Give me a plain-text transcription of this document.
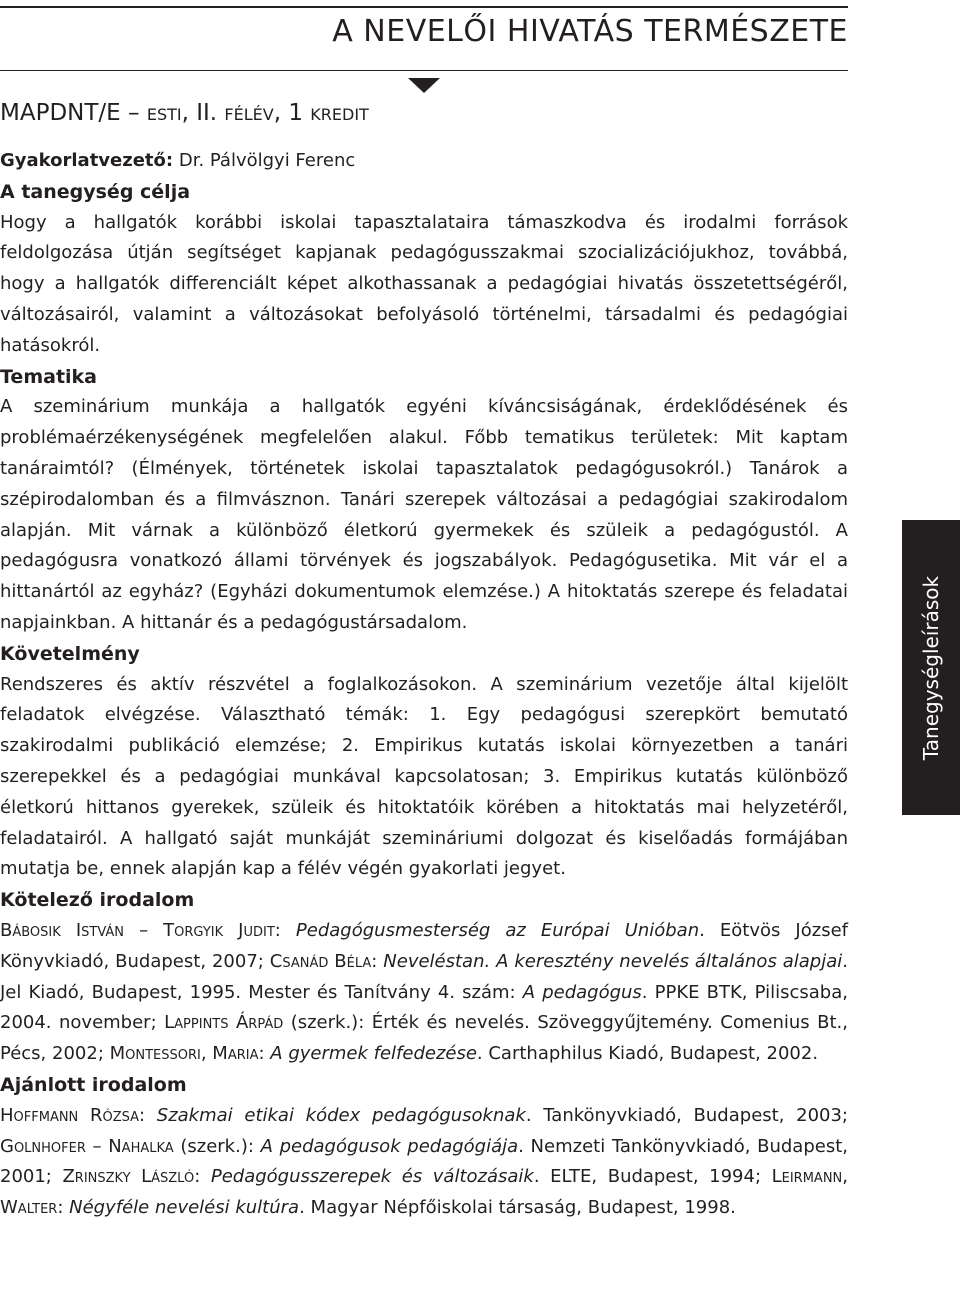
A NEVELŐI HIVATÁS TERMÉSZETE
MAPDNT/E – esti, II. félév, 1 kredit
Gyakorlatvezető: Dr. Pálvölgyi Ferenc
A tanegység célja

Hogy a hallgatók korábbi iskolai tapasztalataira támaszkodva és irodalmi források feldolgozása útján segítséget kapjanak pedagógusszakmai szocializációjukhoz, továbbá, hogy a hallgatók differenciált képet alkothassanak a pedagógiai hivatás összetettségéről, változásairól, valamint a változásokat befolyásoló történelmi, társadalmi és pedagógiai hatásokról.

Tematika

A szeminárium munkája a hallgatók egyéni kíváncsiságának, érdeklődésének és problémaérzékenységének megfelelően alakul. Főbb tematikus területek: Mit kaptam tanáraimtól? (Élmények, történetek iskolai tapasztalatok pedagógusokról.) Tanárok a szépirodalomban és a filmvásznon. Tanári szerepek változásai a pedagógiai szakirodalom alapján. Mit várnak a különböző életkorú gyermekek és szüleik a pedagógustól. A pedagógusra vonatkozó állami törvények és jogszabályok. Pedagógusetika. Mit vár el a hittanártól az egyház? (Egyházi dokumentumok elemzése.) A hitoktatás szerepe és feladatai napjainkban. A hittanár és a pedagógustársadalom.

Követelmény

Rendszeres és aktív részvétel a foglalkozásokon. A szeminárium vezetője által kijelölt feladatok elvégzése. Választható témák: 1. Egy pedagógusi szerepkört bemutató szakirodalmi publikáció elemzése; 2. Empirikus kutatás iskolai környezetben a tanári szerepekkel és a pedagógiai munkával kapcsolatosan; 3. Empirikus kutatás különböző életkorú hittanos gyerekek, szüleik és hitoktatóik körében a hitoktatás mai helyzetéről, feladatairól. A hallgató saját munkáját szemináriumi dolgozat és kiselőadás formájában mutatja be, ennek alapján kap a félév végén gyakorlati jegyet.

Kötelező irodalom

Bábosik István – Torgyik Judit: Pedagógusmesterség az Európai Unióban. Eötvös József Könyvkiadó, Budapest, 2007; Csanád Béla: Neveléstan. A keresztény nevelés általános alapjai. Jel Kiadó, Budapest, 1995. Mester és Tanítvány 4. szám: A pedagógus. PPKE BTK, Piliscsaba, 2004. november; Lappints Árpád (szerk.): Érték és nevelés. Szöveggyűjtemény. Comenius Bt., Pécs, 2002; Montessori, Maria: A gyermek felfedezése. Carthaphilus Kiadó, Budapest, 2002.

Ajánlott irodalom

Hoffmann Rózsa: Szakmai etikai kódex pedagógusoknak. Tankönyvkiadó, Budapest, 2003; Golnhofer – Nahalka (szerk.): A pedagógusok pedagógiája. Nemzeti Tankönyvkiadó, Budapest, 2001; Zrinszky László: Pedagógusszerepek és változásaik. ELTE, Budapest, 1994; Leirmann, Walter: Négyféle nevelési kultúra. Magyar Népfőiskolai társaság, Budapest, 1998.

Tanegységleírások
